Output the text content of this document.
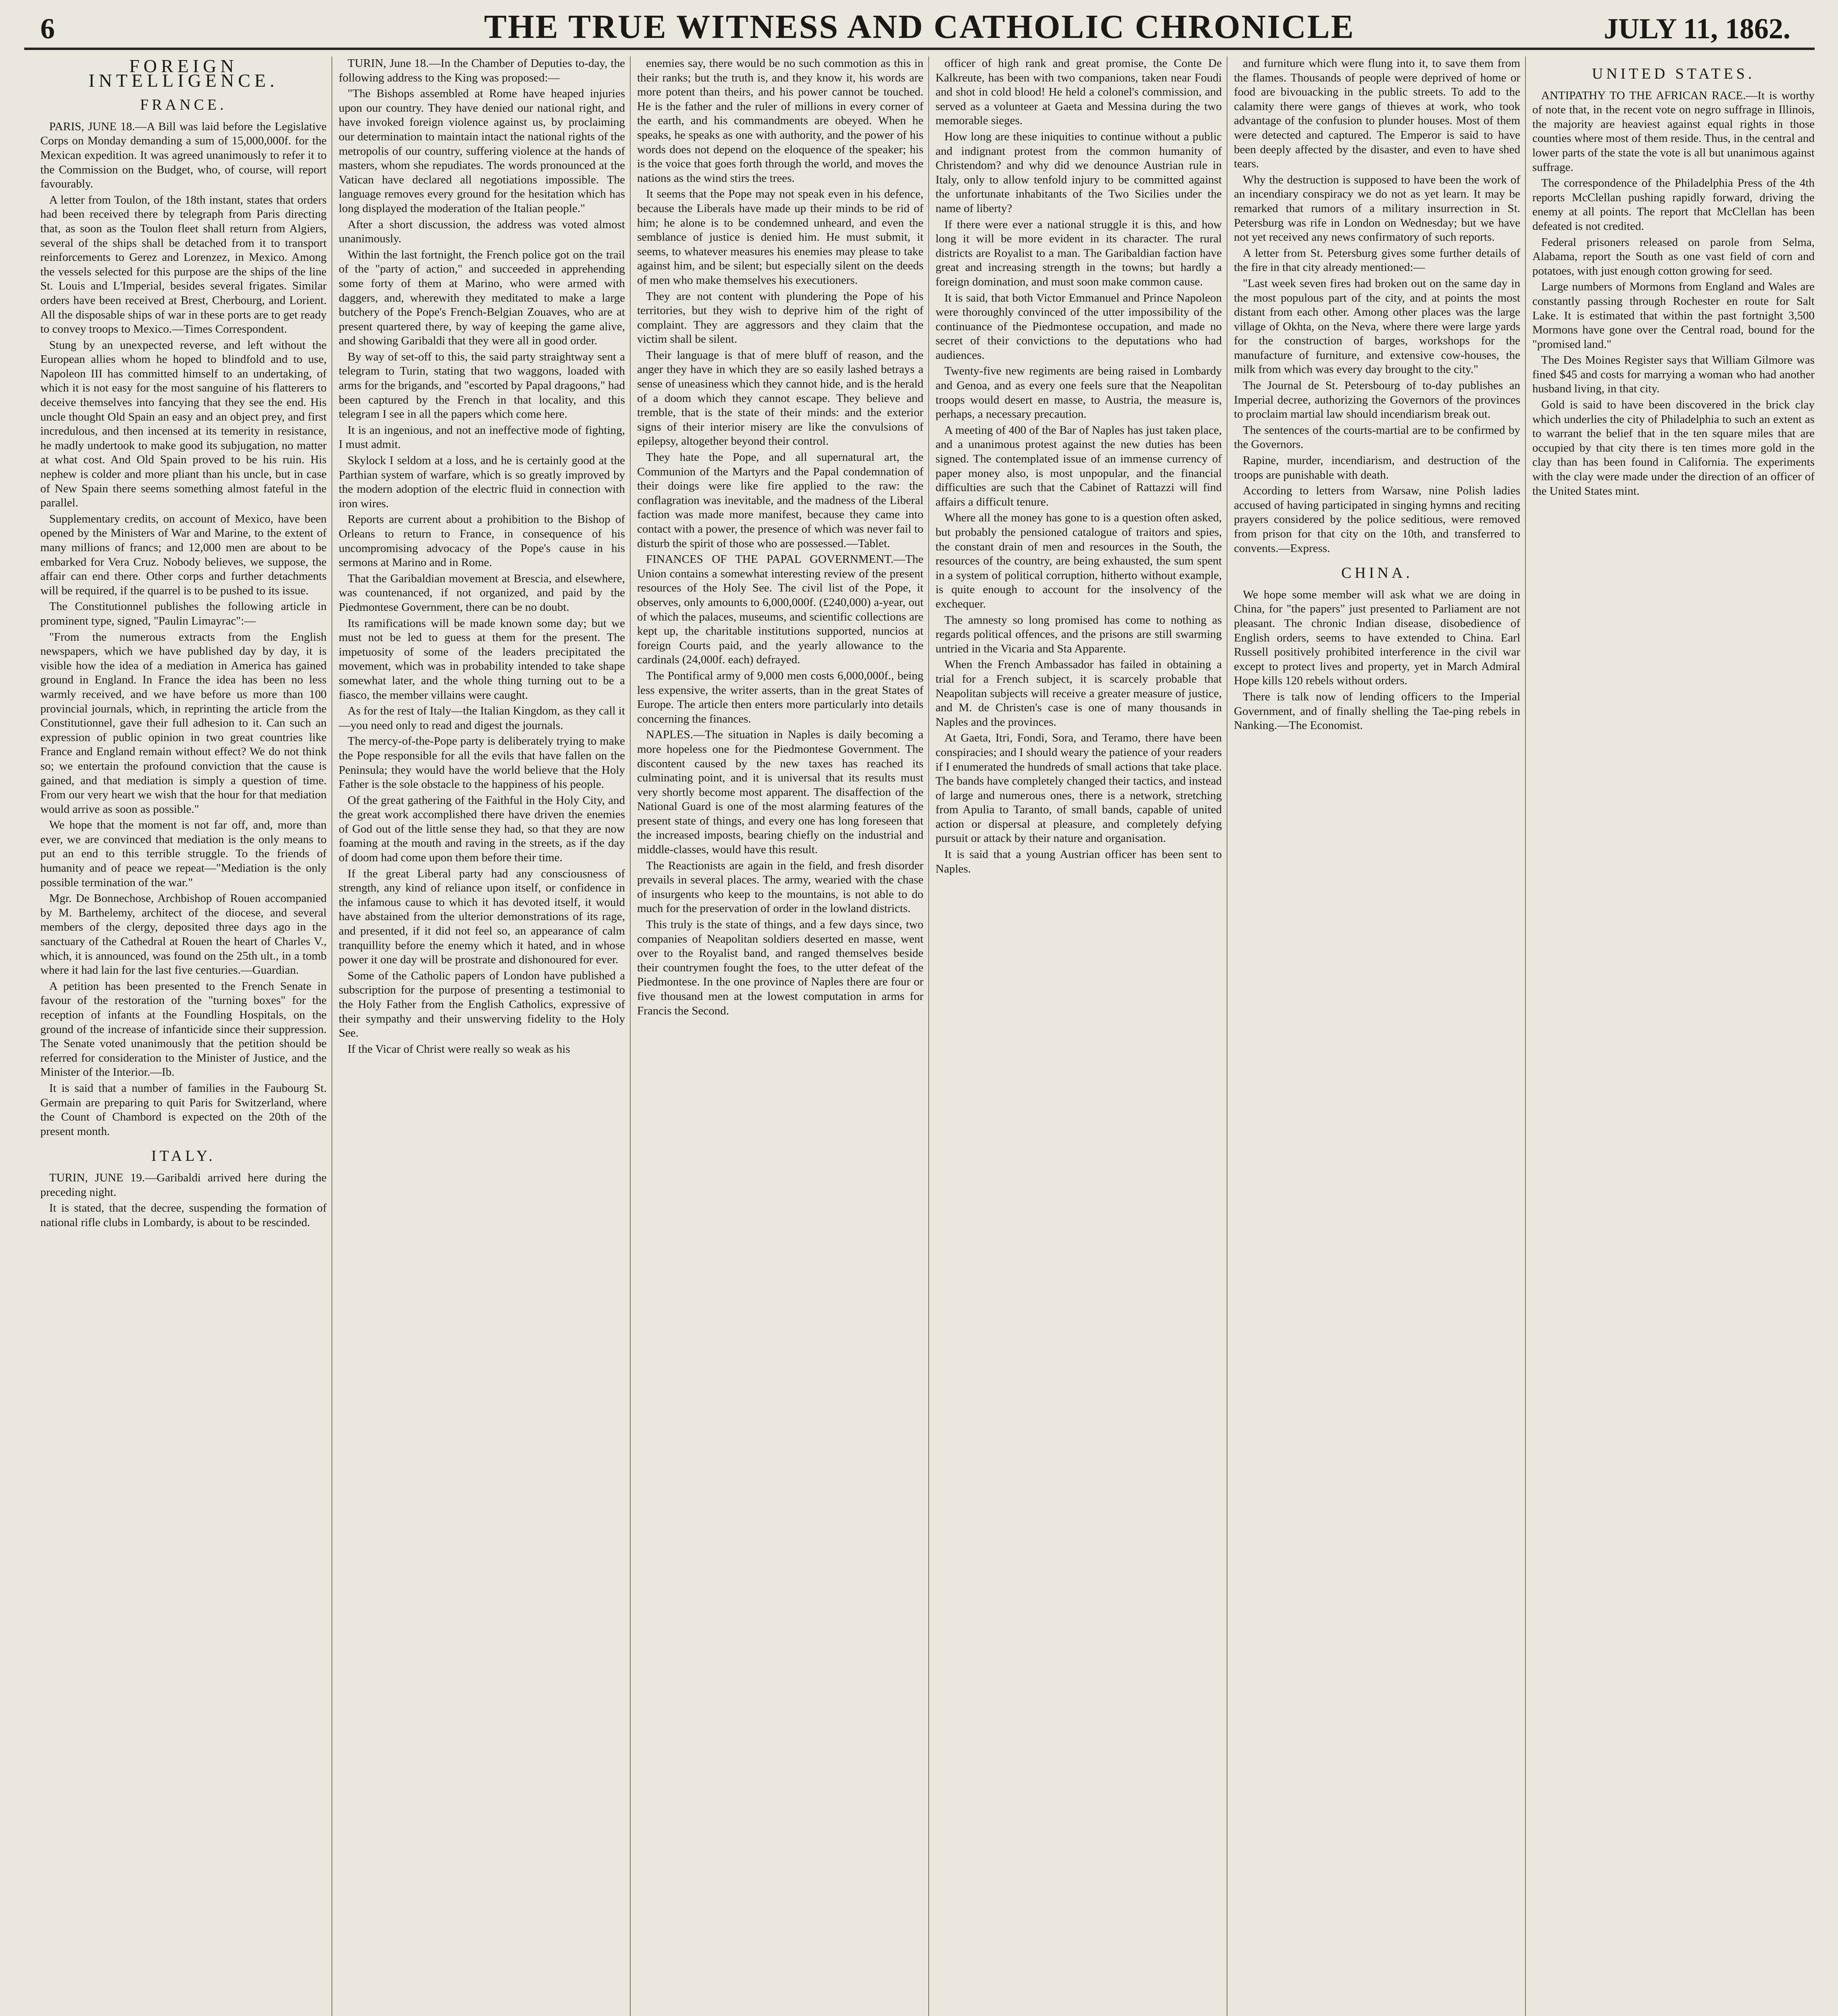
6	THE TRUE WITNESS AND CATHOLIC CHRONICLE	JULY 11, 1862.
FOREIGN INTELLIGENCE.
FRANCE.

PARIS, JUNE 18.—A Bill was laid before the Legislative Corps on Monday demanding a sum of 15,000,000f. for the Mexican expedition. It was agreed unanimously to refer it to the Commission on the Budget, who, of course, will report favourably.

A letter from Toulon, of the 18th instant, states that orders had been received there by telegraph from Paris directing that, as soon as the Toulon fleet shall return from Algiers, several of the ships shall be detached from it to transport reinforcements to Gerez and Lorenzez, in Mexico. Among the vessels selected for this purpose are the ships of the line St. Louis and L'Imperial, besides several frigates. Similar orders have been received at Brest, Cherbourg, and Lorient. All the disposable ships of war in these ports are to get ready to convey troops to Mexico.—Times Correspondent.

Stung by an unexpected reverse, and left without the European allies whom he hoped to blindfold and to use, Napoleon III has committed himself to an undertaking, of which it is not easy for the most sanguine of his flatterers to deceive themselves into fancying that they see the end. His uncle thought Old Spain an easy and an object prey, and first incredulous, and then incensed at its temerity in resistance, he madly undertook to make good its subjugation, no matter at what cost. And Old Spain proved to be his ruin. His nephew is colder and more pliant than his uncle, but in case of New Spain there seems something almost fateful in the parallel.

Supplementary credits, on account of Mexico, have been opened by the Ministers of War and Marine, to the extent of many millions of francs; and 12,000 men are about to be embarked for Vera Cruz. Nobody believes, we suppose, the affair can end there. Other corps and further detachments will be required, if the quarrel is to be pushed to its issue.

The Constitutionnel publishes the following article in prominent type, signed, "Paulin Limayrac":—

"From the numerous extracts from the English newspapers, which we have published day by day, it is visible how the idea of a mediation in America has gained ground in England. In France the idea has been no less warmly received, and we have before us more than 100 provincial journals, which, in reprinting the article from the Constitutionnel, gave their full adhesion to it. Can such an expression of public opinion in two great countries like France and England remain without effect? We do not think so; we entertain the profound conviction that the cause is gained, and that mediation is simply a question of time. From our very heart we wish that the hour for that mediation would arrive as soon as possible."

We hope that the moment is not far off, and, more than ever, we are convinced that mediation is the only means to put an end to this terrible struggle. To the friends of humanity and of peace we repeat—"Mediation is the only possible termination of the war."

Mgr. De Bonnechose, Archbishop of Rouen accompanied by M. Barthelemy, architect of the diocese, and several members of the clergy, deposited three days ago in the sanctuary of the Cathedral at Rouen the heart of Charles V., which, it is announced, was found on the 25th ult., in a tomb where it had lain for the last five centuries.—Guardian.

A petition has been presented to the French Senate in favour of the restoration of the "turning boxes" for the reception of infants at the Foundling Hospitals, on the ground of the increase of infanticide since their suppression. The Senate voted unanimously that the petition should be referred for consideration to the Minister of Justice, and the Minister of the Interior.—Ib.

It is said that a number of families in the Faubourg St. Germain are preparing to quit Paris for Switzerland, where the Count of Chambord is expected on the 20th of the present month.

ITALY.

TURIN, JUNE 19.—Garibaldi arrived here during the preceding night.

It is stated, that the decree, suspending the formation of national rifle clubs in Lombardy, is about to be rescinded.

TURIN, June 18.—In the Chamber of Deputies to-day, the following address to the King was proposed:—

"The Bishops assembled at Rome have heaped injuries upon our country. They have denied our national right, and have invoked foreign violence against us, by proclaiming our determination to maintain intact the national rights of the metropolis of our country, suffering violence at the hands of masters, whom she repudiates. The words pronounced at the Vatican have declared all negotiations impossible. The language removes every ground for the hesitation which has long displayed the moderation of the Italian people."

After a short discussion, the address was voted almost unanimously.

Within the last fortnight, the French police got on the trail of the "party of action," and succeeded in apprehending some forty of them at Marino, who were armed with daggers, and, wherewith they meditated to make a large butchery of the Pope's French-Belgian Zouaves, who are at present quartered there, by way of keeping the game alive, and showing Garibaldi that they were all in good order.

By way of set-off to this, the said party straightway sent a telegram to Turin, stating that two waggons, loaded with arms for the brigands, and "escorted by Papal dragoons," had been captured by the French in that locality, and this telegram I see in all the papers which come here.

It is an ingenious, and not an ineffective mode of fighting, I must admit.

Skylock I seldom at a loss, and he is certainly good at the Parthian system of warfare, which is so greatly improved by the modern adoption of the electric fluid in connection with iron wires.

Reports are current about a prohibition to the Bishop of Orleans to return to France, in consequence of his uncompromising advocacy of the Pope's cause in his sermons at Marino and in Rome.

That the Garibaldian movement at Brescia, and elsewhere, was countenanced, if not organized, and paid by the Piedmontese Government, there can be no doubt.

Its ramifications will be made known some day; but we must not be led to guess at them for the present. The impetuosity of some of the leaders precipitated the movement, which was in probability intended to take shape somewhat later, and the whole thing turning out to be a fiasco, the member villains were caught.

As for the rest of Italy—the Italian Kingdom, as they call it—you need only to read and digest the journals.

The mercy-of-the-Pope party is deliberately trying to make the Pope responsible for all the evils that have fallen on the Peninsula; they would have the world believe that the Holy Father is the sole obstacle to the happiness of his people.

Of the great gathering of the Faithful in the Holy City, and the great work accomplished there have driven the enemies of God out of the little sense they had, so that they are now foaming at the mouth and raving in the streets, as if the day of doom had come upon them before their time.

If the great Liberal party had any consciousness of strength, any kind of reliance upon itself, or confidence in the infamous cause to which it has devoted itself, it would have abstained from the ulterior demonstrations of its rage, and presented, if it did not feel so, an appearance of calm tranquillity before the enemy which it hated, and in whose power it one day will be prostrate and dishonoured for ever.

Some of the Catholic papers of London have published a subscription for the purpose of presenting a testimonial to the Holy Father from the English Catholics, expressive of their sympathy and their unswerving fidelity to the Holy See.

If the Vicar of Christ were really so weak as his

enemies say, there would be no such commotion as this in their ranks; but the truth is, and they know it, his words are more potent than theirs, and his power cannot be touched. He is the father and the ruler of millions in every corner of the earth, and his commandments are obeyed. When he speaks, he speaks as one with authority, and the power of his words does not depend on the eloquence of the speaker; his is the voice that goes forth through the world, and moves the nations as the wind stirs the trees.

It seems that the Pope may not speak even in his defence, because the Liberals have made up their minds to be rid of him; he alone is to be condemned unheard, and even the semblance of justice is denied him. He must submit, it seems, to whatever measures his enemies may please to take against him, and be silent; but especially silent on the deeds of men who make themselves his executioners.

They are not content with plundering the Pope of his territories, but they wish to deprive him of the right of complaint. They are aggressors and they claim that the victim shall be silent.

Their language is that of mere bluff of reason, and the anger they have in which they are so easily lashed betrays a sense of uneasiness which they cannot hide, and is the herald of a doom which they cannot escape. They believe and tremble, that is the state of their minds: and the exterior signs of their interior misery are like the convulsions of epilepsy, altogether beyond their control.

They hate the Pope, and all supernatural art, the Communion of the Martyrs and the Papal condemnation of their doings were like fire applied to the raw: the conflagration was inevitable, and the madness of the Liberal faction was made more manifest, because they came into contact with a power, the presence of which was never fail to disturb the spirit of those who are possessed.—Tablet.

FINANCES OF THE PAPAL GOVERNMENT.—The Union contains a somewhat interesting review of the present resources of the Holy See. The civil list of the Pope, it observes, only amounts to 6,000,000f. (£240,000) a-year, out of which the palaces, museums, and scientific collections are kept up, the charitable institutions supported, nuncios at foreign Courts paid, and the yearly allowance to the cardinals (24,000f. each) defrayed.

The Pontifical army of 9,000 men costs 6,000,000f., being less expensive, the writer asserts, than in the great States of Europe. The article then enters more particularly into details concerning the finances.

NAPLES.—The situation in Naples is daily becoming a more hopeless one for the Piedmontese Government. The discontent caused by the new taxes has reached its culminating point, and it is universal that its results must very shortly become most apparent. The disaffection of the National Guard is one of the most alarming features of the present state of things, and every one has long foreseen that the increased imposts, bearing chiefly on the industrial and middle-classes, would have this result.

The Reactionists are again in the field, and fresh disorder prevails in several places. The army, wearied with the chase of insurgents who keep to the mountains, is not able to do much for the preservation of order in the lowland districts.

This truly is the state of things, and a few days since, two companies of Neapolitan soldiers deserted en masse, went over to the Royalist band, and ranged themselves beside their countrymen fought the foes, to the utter defeat of the Piedmontese. In the one province of Naples there are four or five thousand men at the lowest computation in arms for Francis the Second.

officer of high rank and great promise, the Conte De Kalkreute, has been with two companions, taken near Foudi and shot in cold blood! He held a colonel's commission, and served as a volunteer at Gaeta and Messina during the two memorable sieges.

How long are these iniquities to continue without a public and indignant protest from the common humanity of Christendom? and why did we denounce Austrian rule in Italy, only to allow tenfold injury to be committed against the unfortunate inhabitants of the Two Sicilies under the name of liberty?

If there were ever a national struggle it is this, and how long it will be more evident in its character. The rural districts are Royalist to a man. The Garibaldian faction have great and increasing strength in the towns; but hardly a foreign domination, and must soon make common cause.

It is said, that both Victor Emmanuel and Prince Napoleon were thoroughly convinced of the utter impossibility of the continuance of the Piedmontese occupation, and made no secret of their convictions to the deputations who had audiences.

Twenty-five new regiments are being raised in Lombardy and Genoa, and as every one feels sure that the Neapolitan troops would desert en masse, to Austria, the measure is, perhaps, a necessary precaution.

A meeting of 400 of the Bar of Naples has just taken place, and a unanimous protest against the new duties has been signed. The contemplated issue of an immense currency of paper money also, is most unpopular, and the financial difficulties are such that the Cabinet of Rattazzi will find affairs a difficult tenure.

Where all the money has gone to is a question often asked, but probably the pensioned catalogue of traitors and spies, the constant drain of men and resources in the South, the resources of the country, are being exhausted, the sum spent in a system of political corruption, hitherto without example, is quite enough to account for the insolvency of the exchequer.

The amnesty so long promised has come to nothing as regards political offences, and the prisons are still swarming untried in the Vicaria and Sta Apparente.

When the French Ambassador has failed in obtaining a trial for a French subject, it is scarcely probable that Neapolitan subjects will receive a greater measure of justice, and M. de Christen's case is one of many thousands in Naples and the provinces.

At Gaeta, Itri, Fondi, Sora, and Teramo, there have been conspiracies; and I should weary the patience of your readers if I enumerated the hundreds of small actions that take place. The bands have completely changed their tactics, and instead of large and numerous ones, there is a network, stretching from Apulia to Taranto, of small bands, capable of united action or dispersal at pleasure, and completely defying pursuit or attack by their nature and organisation.

It is said that a young Austrian officer has been sent to Naples.

and furniture which were flung into it, to save them from the flames. Thousands of people were deprived of home or food are bivouacking in the public streets. To add to the calamity there were gangs of thieves at work, who took advantage of the confusion to plunder houses. Most of them were detected and captured. The Emperor is said to have been deeply affected by the disaster, and even to have shed tears.

Why the destruction is supposed to have been the work of an incendiary conspiracy we do not as yet learn. It may be remarked that rumors of a military insurrection in St. Petersburg was rife in London on Wednesday; but we have not yet received any news confirmatory of such reports.

A letter from St. Petersburg gives some further details of the fire in that city already mentioned:—

"Last week seven fires had broken out on the same day in the most populous part of the city, and at points the most distant from each other. Among other places was the large village of Okhta, on the Neva, where there were large yards for the construction of barges, workshops for the manufacture of furniture, and extensive cow-houses, the milk from which was every day brought to the city."

The Journal de St. Petersbourg of to-day publishes an Imperial decree, authorizing the Governors of the provinces to proclaim martial law should incendiarism break out.

The sentences of the courts-martial are to be confirmed by the Governors.

Rapine, murder, incendiarism, and destruction of the troops are punishable with death.

According to letters from Warsaw, nine Polish ladies accused of having participated in singing hymns and reciting prayers considered by the police seditious, were removed from prison for that city on the 10th, and transferred to convents.—Express.

CHINA.

We hope some member will ask what we are doing in China, for "the papers" just presented to Parliament are not pleasant. The chronic Indian disease, disobedience of English orders, seems to have extended to China. Earl Russell positively prohibited interference in the civil war except to protect lives and property, yet in March Admiral Hope kills 120 rebels without orders.

There is talk now of lending officers to the Imperial Government, and of finally shelling the Tae-ping rebels in Nanking.—The Economist.

UNITED STATES.

ANTIPATHY TO THE AFRICAN RACE.—It is worthy of note that, in the recent vote on negro suffrage in Illinois, the majority are heaviest against equal rights in those counties where most of them reside. Thus, in the central and lower parts of the state the vote is all but unanimous against suffrage.

The correspondence of the Philadelphia Press of the 4th reports McClellan pushing rapidly forward, driving the enemy at all points. The report that McClellan has been defeated is not credited.

Federal prisoners released on parole from Selma, Alabama, report the South as one vast field of corn and potatoes, with just enough cotton growing for seed.

Large numbers of Mormons from England and Wales are constantly passing through Rochester en route for Salt Lake. It is estimated that within the past fortnight 3,500 Mormons have gone over the Central road, bound for the "promised land."

The Des Moines Register says that William Gilmore was fined $45 and costs for marrying a woman who had another husband living, in that city.

Gold is said to have been discovered in the brick clay which underlies the city of Philadelphia to such an extent as to warrant the belief that in the ten square miles that are occupied by that city there is ten times more gold in the clay than has been found in California. The experiments with the clay were made under the direction of an officer of the United States mint.
